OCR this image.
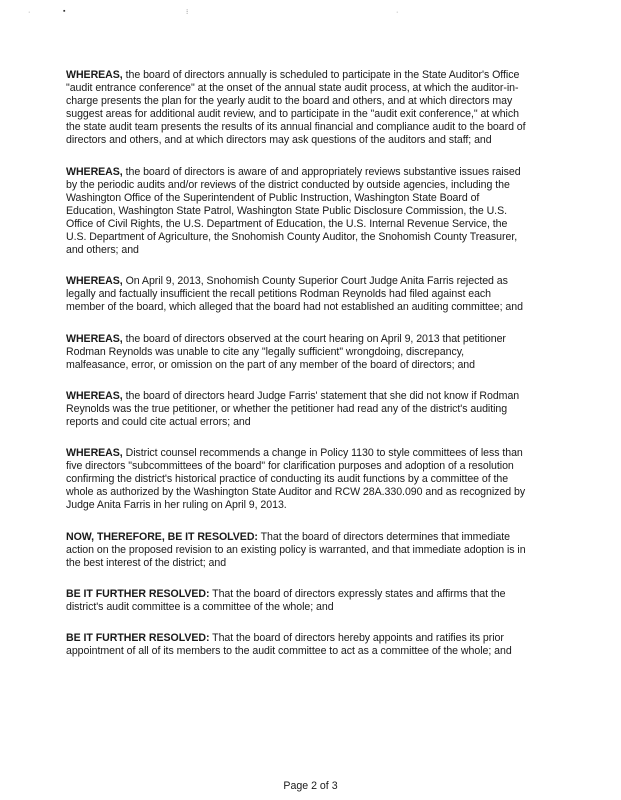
·	▪	⁝	·

WHEREAS, the board of directors annually is scheduled to participate in the State Auditor's Office "audit entrance conference" at the onset of the annual state audit process, at which the auditor-in-charge presents the plan for the yearly audit to the board and others, and at which directors may suggest areas for additional audit review, and to participate in the "audit exit conference," at which the state audit team presents the results of its annual financial and compliance audit to the board of directors and others, and at which directors may ask questions of the auditors and staff; and

WHEREAS, the board of directors is aware of and appropriately reviews substantive issues raised by the periodic audits and/or reviews of the district conducted by outside agencies, including the Washington Office of the Superintendent of Public Instruction, Washington State Board of Education, Washington State Patrol, Washington State Public Disclosure Commission, the U.S. Office of Civil Rights, the U.S. Department of Education, the U.S. Internal Revenue Service, the U.S. Department of Agriculture, the Snohomish County Auditor, the Snohomish County Treasurer, and others; and

WHEREAS, On April 9, 2013, Snohomish County Superior Court Judge Anita Farris rejected as legally and factually insufficient the recall petitions Rodman Reynolds had filed against each member of the board, which alleged that the board had not established an auditing committee; and

WHEREAS, the board of directors observed at the court hearing on April 9, 2013 that petitioner Rodman Reynolds was unable to cite any "legally sufficient" wrongdoing, discrepancy, malfeasance, error, or omission on the part of any member of the board of directors; and

WHEREAS, the board of directors heard Judge Farris' statement that she did not know if Rodman Reynolds was the true petitioner, or whether the petitioner had read any of the district's auditing reports and could cite actual errors; and

WHEREAS, District counsel recommends a change in Policy 1130 to style committees of less than five directors "subcommittees of the board" for clarification purposes and adoption of a resolution confirming the district's historical practice of conducting its audit functions by a committee of the whole as authorized by the Washington State Auditor and RCW 28A.330.090 and as recognized by Judge Anita Farris in her ruling on April 9, 2013.

NOW, THEREFORE, BE IT RESOLVED: That the board of directors determines that immediate action on the proposed revision to an existing policy is warranted, and that immediate adoption is in the best interest of the district; and

BE IT FURTHER RESOLVED: That the board of directors expressly states and affirms that the district's audit committee is a committee of the whole; and

BE IT FURTHER RESOLVED: That the board of directors hereby appoints and ratifies its prior appointment of all of its members to the audit committee to act as a committee of the whole; and

Page 2 of 3
